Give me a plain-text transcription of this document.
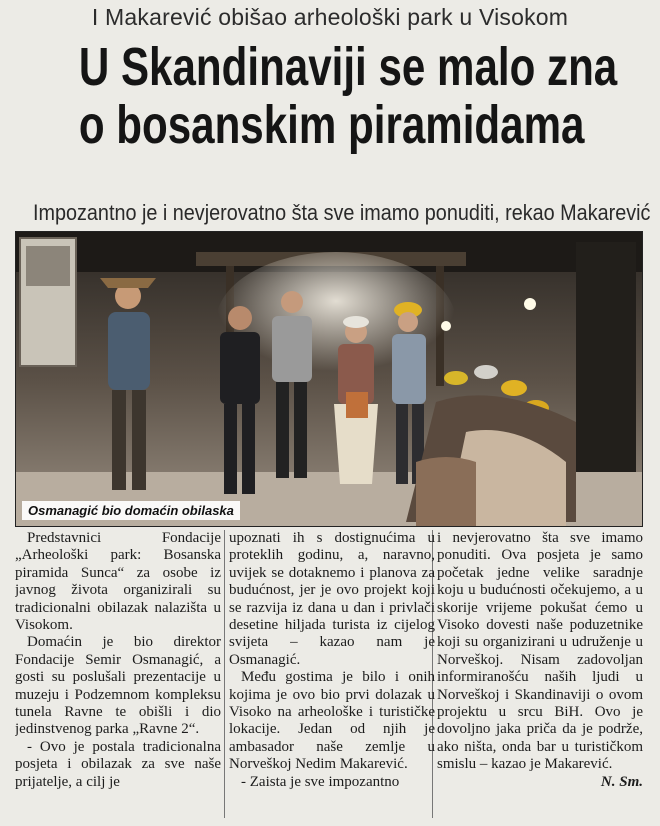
I Makarević obišao arheološki park u Visokom
U Skandinaviji se malo zna
o bosanskim piramidama
Impozantno je i nevjerovatno šta sve imamo ponuditi, rekao Makarević
Osmanagić bio domaćin obilaska

Predstavnici Fondacije „Arheološki park: Bosanska piramida Sunca“ za osobe iz javnog života organizirali su tradicionalni obilazak nalazišta u Visokom.

Domaćin je bio direktor Fondacije Semir Osmanagić, a gosti su poslušali prezentacije u muzeju i Podzemnom kompleksu tunela Ravne te obišli i dio jedinstvenog parka „Ravne 2“.

- Ovo je postala tradicionalna posjeta i obilazak za sve naše prijatelje, a cilj je

upoznati ih s dostignućima u proteklih godinu, a, naravno, uvijek se dotaknemo i planova za budućnost, jer je ovo projekt koji se razvija iz dana u dan i privlači desetine hiljada turista iz cijelog svijeta – kazao nam je Osmanagić.

Među gostima je bilo i onih kojima je ovo bio prvi dolazak u Visoko na arheološke i turističke lokacije. Jedan od njih je ambasador naše zemlje u Norveškoj Nedim Makarević.

- Zaista je sve impozantno

i nevjerovatno šta sve imamo ponuditi. Ova posjeta je samo početak jedne velike saradnje koju u budućnosti očekujemo, a u skorije vrijeme pokušat ćemo u Visoko dovesti naše poduzetnike koji su organizirani u udruženje u Norveškoj. Nisam zadovoljan informiranošću naših ljudi u Norveškoj i Skandinaviji o ovom projektu u srcu BiH. Ovo je dovoljno jaka priča da je podrže, ako ništa, onda bar u turističkom smislu – kazao je Makarević.

N. Sm.
